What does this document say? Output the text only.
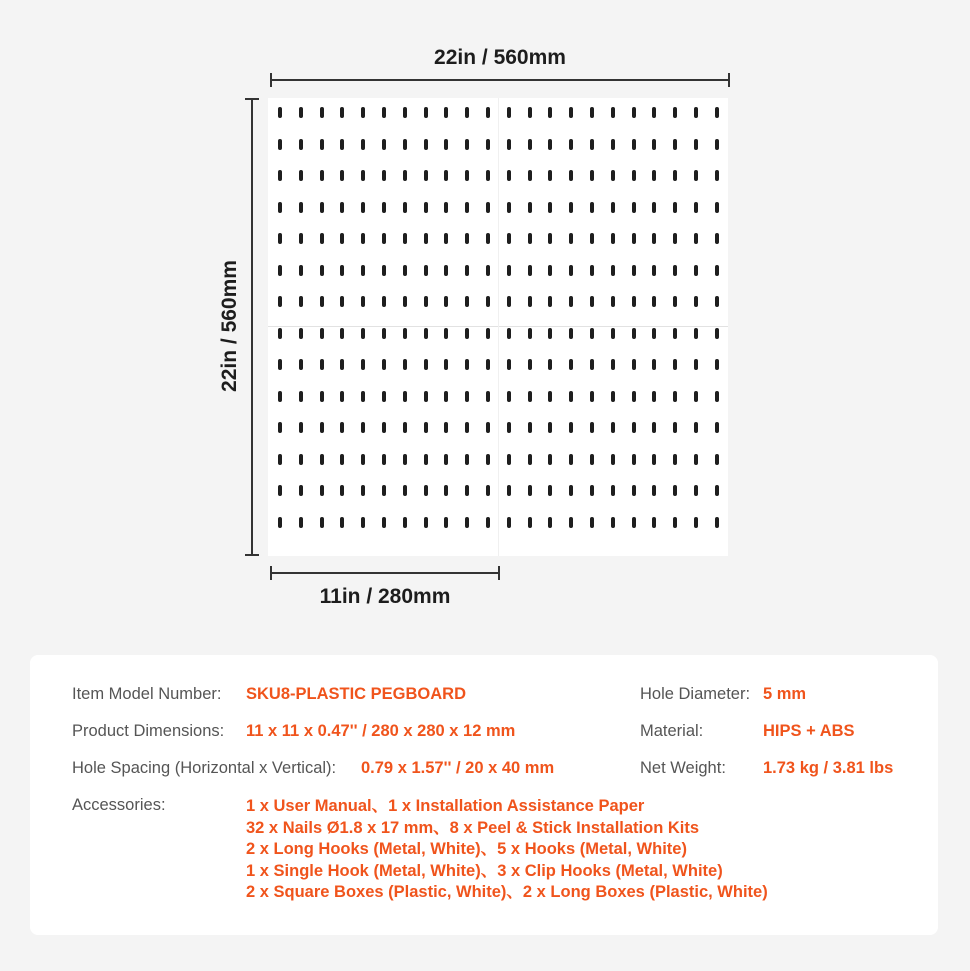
22in / 560mm
22in / 560mm
11in / 280mm
Item Model Number: SKU8-PLASTIC PEGBOARD
Product Dimensions: 11 x 11 x 0.47'' / 280 x 280 x 12 mm
Hole Spacing (Horizontal x Vertical): 0.79 x 1.57'' / 20 x 40 mm
Hole Diameter: 5 mm
Material:	HIPS + ABS
Net Weight: 1.73 kg / 3.81 lbs
Accessories:	1 x User Manual、1 x Installation Assistance Paper
32 x Nails Ø1.8 x 17 mm、8 x Peel & Stick Installation Kits
2 x Long Hooks (Metal, White)、5 x Hooks (Metal, White)
1 x Single Hook (Metal, White)、3 x Clip Hooks (Metal, White)
2 x Square Boxes (Plastic, White)、2 x Long Boxes (Plastic, White)
